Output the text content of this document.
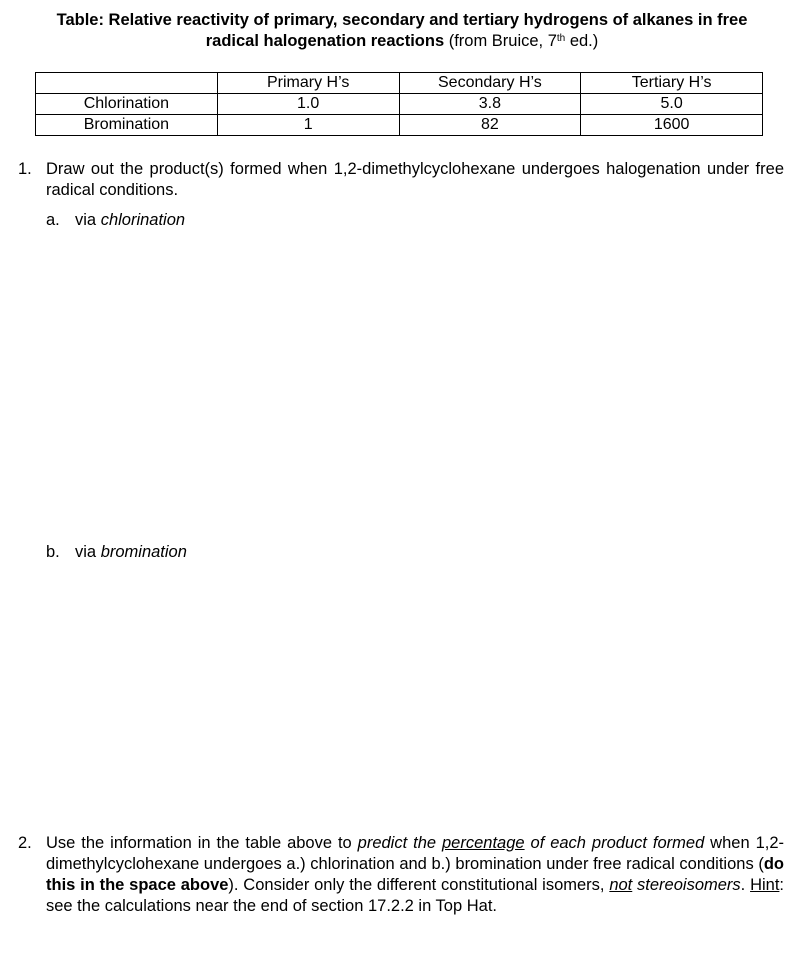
Table: Relative reactivity of primary, secondary and tertiary hydrogens of alkanes in free
radical halogenation reactions (from Bruice, 7th ed.)
	Primary H’s	Secondary H’s	Tertiary H’s
Chlorination	1.0	3.8	5.0
Bromination	1	82	1600
1. Draw out the product(s) formed when 1,2-dimethylcyclohexane undergoes halogenation under free radical conditions.
a. via chlorination
b. via bromination
2. Use the information in the table above to predict the percentage of each product formed when 1,2-dimethylcyclohexane undergoes a.) chlorination and b.) bromination under free radical conditions (do this in the space above). Consider only the different constitutional isomers, not stereoisomers. Hint: see the calculations near the end of section 17.2.2 in Top Hat.
